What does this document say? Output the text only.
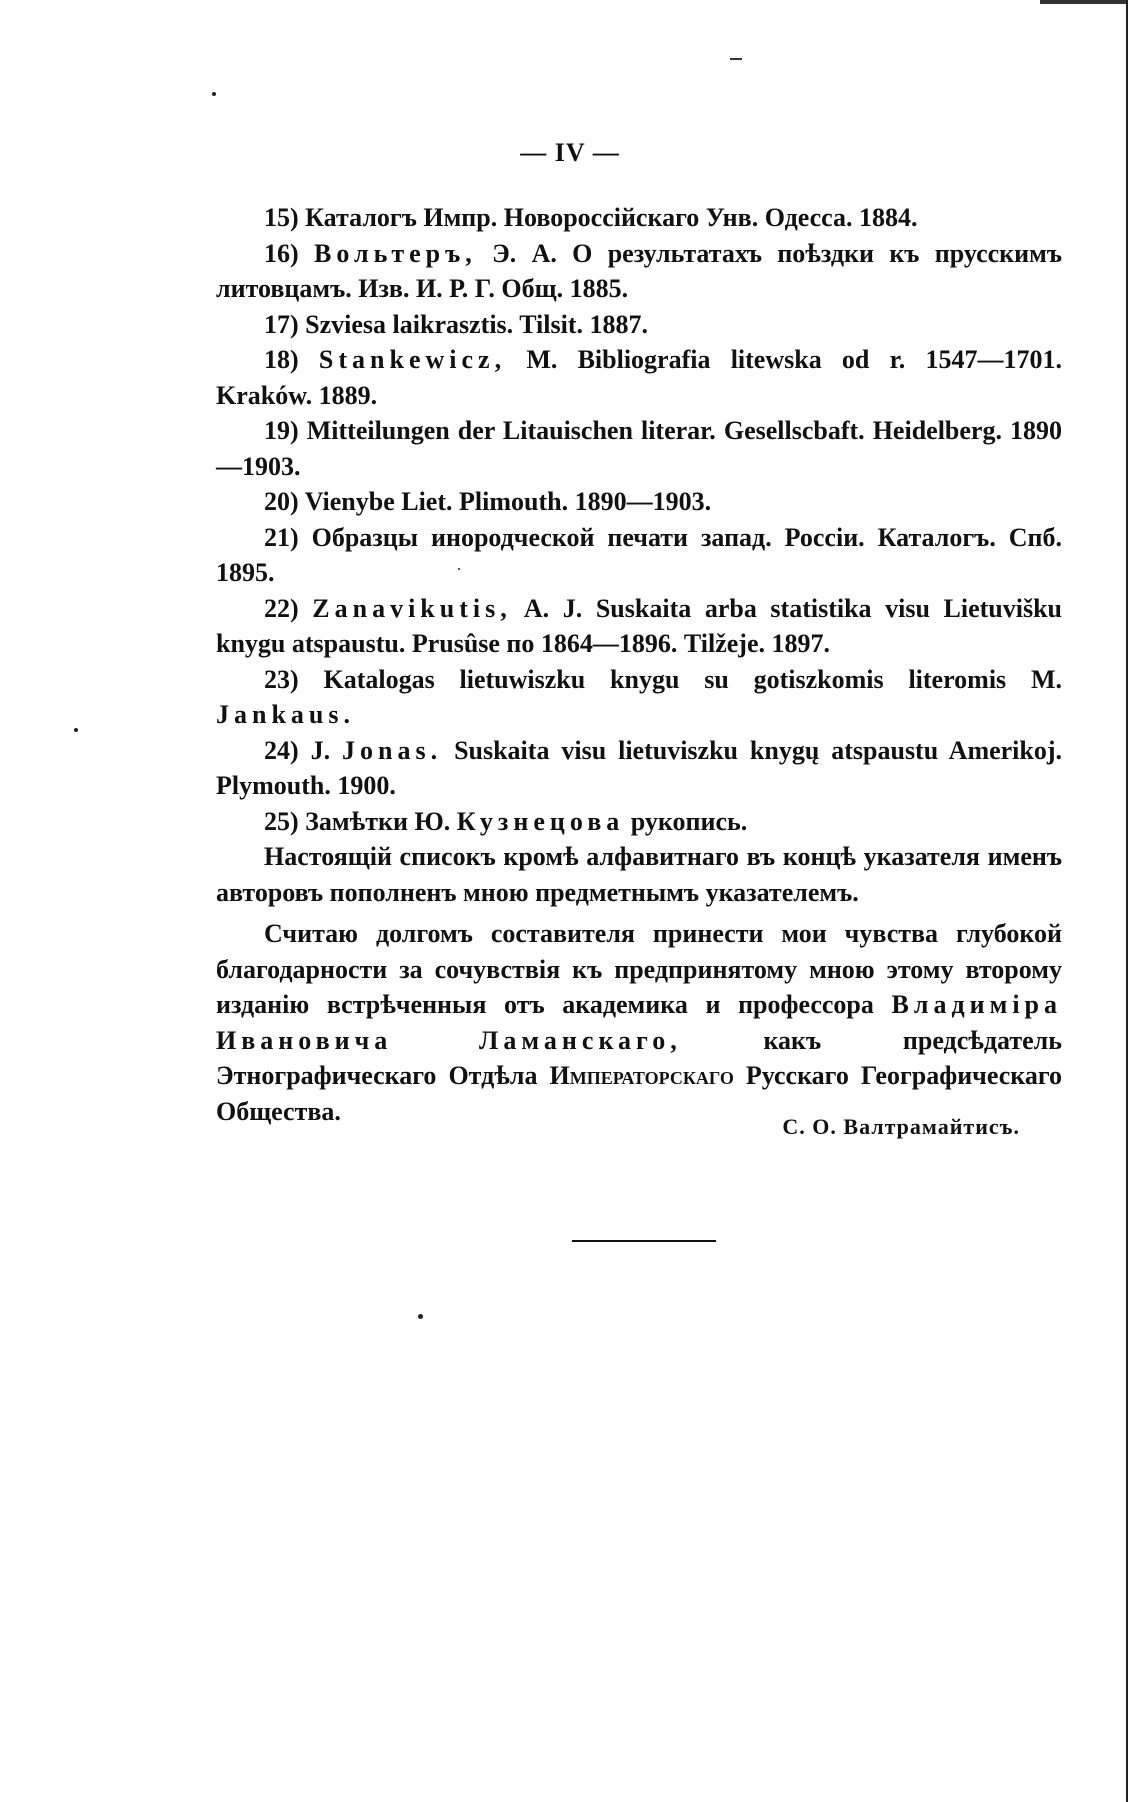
— IV —

15) Каталогъ Импр. Новороссійскаго Унв. Одесса. 1884.

16) Вольтеръ, Э. А. О результатахъ поѣздки къ прусскимъ литовцамъ. Изв. И. Р. Г. Общ. 1885.

17) Szviesa laikrasztis. Tilsit. 1887.

18) Stankewicz, M. Bibliografia litewska od r. 1547—1701. Kraków. 1889.

19) Mitteilungen der Litauischen literar. Gesellscbaft. Heidelberg. 1890—1903.

20) Vienybe Liet. Plimouth. 1890—1903.

21) Образцы инородческой печати запад. Россіи. Каталогъ. Спб. 1895.

22) Zanavikutis, A. J. Suskaita arba statistika visu Lietuvišku knygu atspaustu. Prusûse по 1864—1896. Tilžeje. 1897.

23) Katalogas lietuwiszku knygu su gotiszkomis literomis M. Jankaus.

24) J. Jonas. Suskaita visu lietuviszku knygų atspaustu Amerikoj. Plymouth. 1900.

25) Замѣтки Ю. Кузнецова рукопись.

Настоящій спиcокъ кромѣ алфавитнаго въ концѣ указателя именъ авторовъ пополненъ мною предметнымъ указателемъ.

Считаю долгомъ составителя принести мои чувства глубокой благодарности за сочувствія къ предпринятому мною этому второму изданію встрѣченныя отъ академика и профессора Владиміра Ивановича Ламанскаго,	какъ предсѣдатель Этнографическаго Отдѣла Императорскаго Русскаго Географическаго Общества.

С. О. Валтрамайтисъ.
